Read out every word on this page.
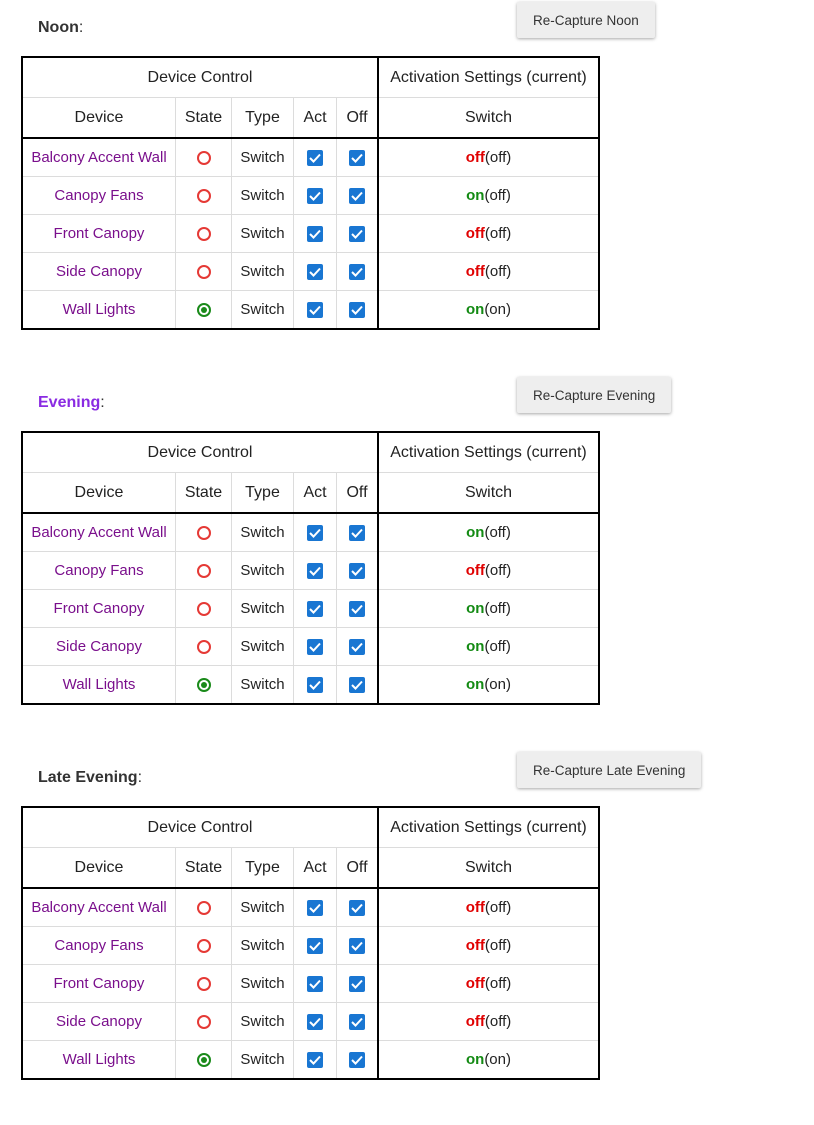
Noon:	Re-Capture Noon
Device Control					Activation Settings (current)
Device	State	Type	Act	Off	Switch
Balcony Accent Wall		Switch			off(off)
Canopy Fans		Switch			on(off)
Front Canopy		Switch			off(off)
Side Canopy		Switch			off(off)
Wall Lights		Switch			on(on)
Evening:	Re-Capture Evening
Device Control					Activation Settings (current)
Device	State	Type	Act	Off	Switch
Balcony Accent Wall		Switch			on(off)
Canopy Fans		Switch			off(off)
Front Canopy		Switch			on(off)
Side Canopy		Switch			on(off)
Wall Lights		Switch			on(on)
Late Evening:	Re-Capture Late Evening
Device Control					Activation Settings (current)
Device	State	Type	Act	Off	Switch
Balcony Accent Wall		Switch			off(off)
Canopy Fans		Switch			off(off)
Front Canopy		Switch			off(off)
Side Canopy		Switch			off(off)
Wall Lights		Switch			on(on)
